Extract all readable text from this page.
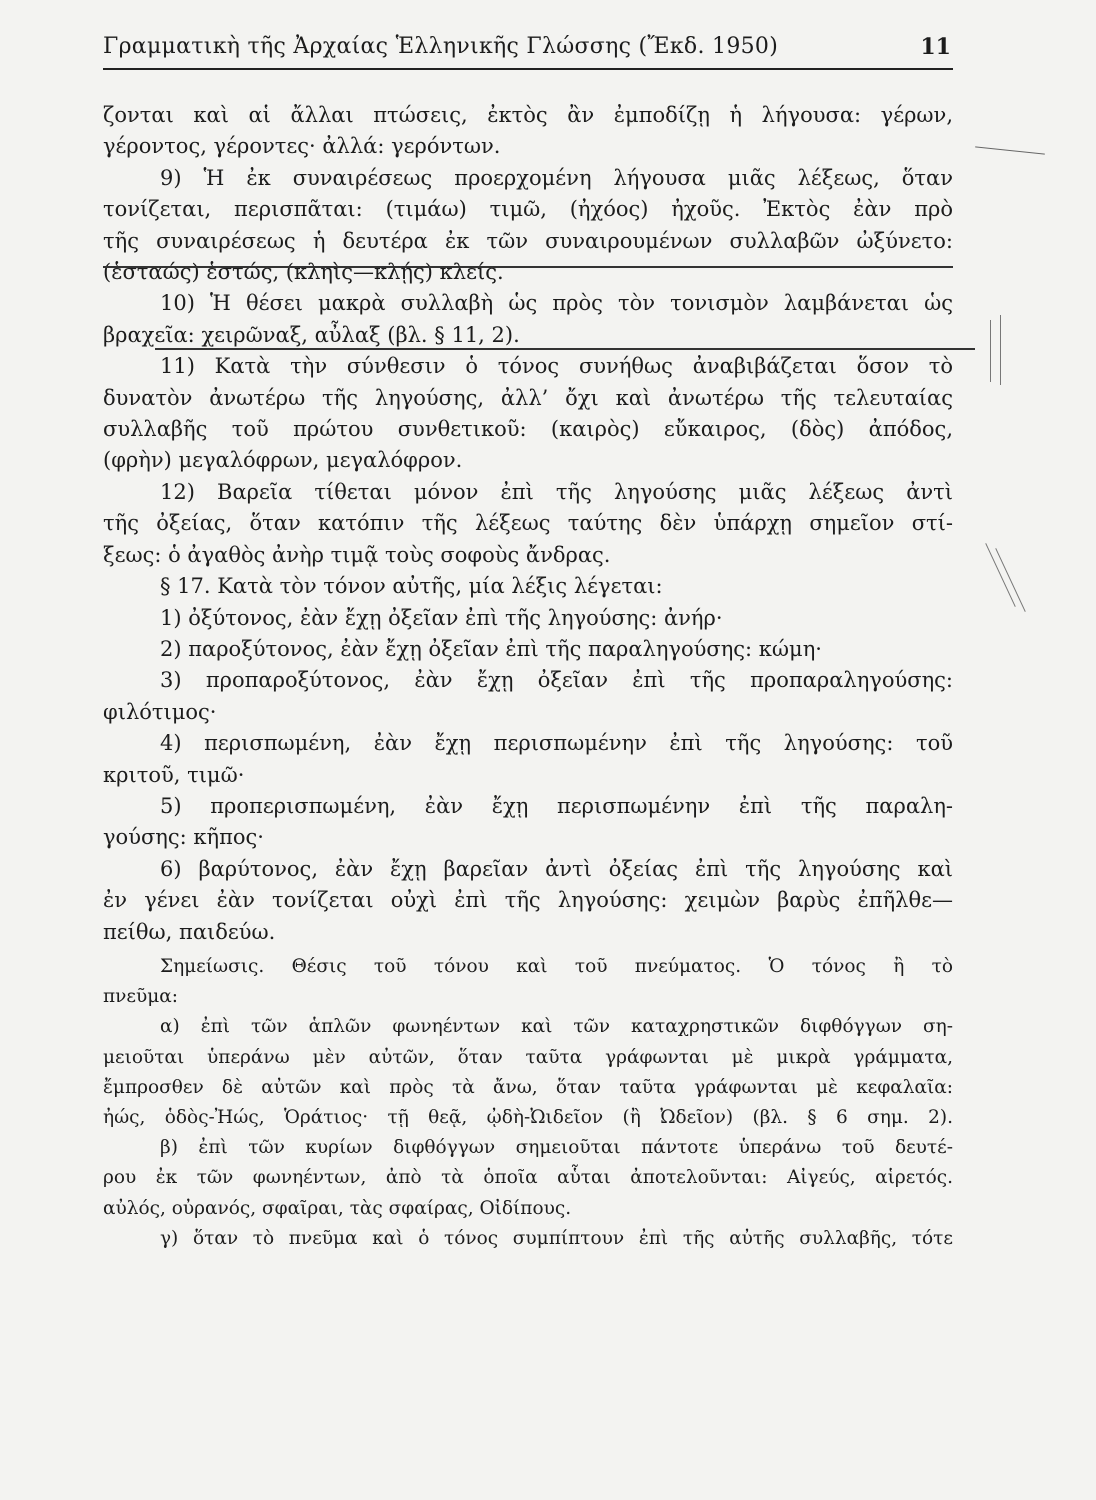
Γραμματικὴ τῆς Ἀρχαίας Ἑλληνικῆς Γλώσσης (Ἔκδ. 1950)	11
ζονται καὶ αἱ ἄλλαι πτώσεις, ἐκτὸς ἂν ἐμποδίζῃ ἡ λήγουσα: γέρων,
γέροντος, γέροντες· ἀλλά: γερόντων.
9) Ἡ ἐκ συναιρέσεως προερχομένη λήγουσα μιᾶς λέξεως, ὅταν
τονίζεται, περισπᾶται: (τιμάω) τιμῶ, (ἠχόος) ἠχοῦς. Ἐκτὸς ἐὰν πρὸ
τῆς συναιρέσεως ἡ δευτέρα ἐκ τῶν συναιρουμένων συλλαβῶν ὠξύνετο:
(ἑσταώς) ἑστώς, (κληὶς—κλῄς) κλείς.
10) Ἡ θέσει μακρὰ συλλαβὴ ὡς πρὸς τὸν τονισμὸν λαμβάνεται ὡς
βραχεῖα: χειρῶναξ, αὖλαξ (βλ. § 11, 2).
11) Κατὰ τὴν σύνθεσιν ὁ τόνος συνήθως ἀναβιβάζεται ὅσον τὸ
δυνατὸν ἀνωτέρω τῆς ληγούσης, ἀλλ’ ὄχι καὶ ἀνωτέρω τῆς τελευταίας
συλλαβῆς τοῦ πρώτου συνθετικοῦ: (καιρὸς) εὔκαιρος, (δὸς) ἀπόδος,
(φρὴν) μεγαλόφρων, μεγαλόφρον.
12) Βαρεῖα τίθεται μόνον ἐπὶ τῆς ληγούσης μιᾶς λέξεως ἀντὶ
τῆς ὀξείας, ὅταν κατόπιν τῆς λέξεως ταύτης δὲν ὑπάρχῃ σημεῖον στί-
ξεως: ὁ ἀγαθὸς ἀνὴρ τιμᾷ τοὺς σοφοὺς ἄνδρας.
§ 17. Κατὰ τὸν τόνον αὐτῆς, μία λέξις λέγεται:
1) ὀξύτονος, ἐὰν ἔχῃ ὀξεῖαν ἐπὶ τῆς ληγούσης: ἀνήρ·
2) παροξύτονος, ἐὰν ἔχῃ ὀξεῖαν ἐπὶ τῆς παραληγούσης: κώμη·
3) προπαροξύτονος, ἐὰν ἔχῃ ὀξεῖαν ἐπὶ τῆς προπαραληγούσης:
φιλότιμος·
4) περισπωμένη, ἐὰν ἔχῃ περισπωμένην ἐπὶ τῆς ληγούσης: τοῦ
κριτοῦ, τιμῶ·
5) προπερισπωμένη, ἐὰν ἔχῃ περισπωμένην ἐπὶ τῆς παραλη-
γούσης: κῆπος·
6) βαρύτονος, ἐὰν ἔχῃ βαρεῖαν ἀντὶ ὀξείας ἐπὶ τῆς ληγούσης καὶ
ἐν γένει ἐὰν τονίζεται οὐχὶ ἐπὶ τῆς ληγούσης: χειμὼν βαρὺς ἐπῆλθε—
πείθω, παιδεύω.
Σημείωσις. Θέσις τοῦ τόνου καὶ τοῦ πνεύματος. Ὁ τόνος ἢ τὸ
πνεῦμα:
α) ἐπὶ τῶν ἁπλῶν φωνηέντων καὶ τῶν καταχρηστικῶν διφθόγγων ση-
μειοῦται ὑπεράνω μὲν αὐτῶν, ὅταν ταῦτα γράφωνται μὲ μικρὰ γράμματα,
ἔμπροσθεν δὲ αὐτῶν καὶ πρὸς τὰ ἄνω, ὅταν ταῦτα γράφωνται μὲ κεφαλαῖα:
ἠώς, ὁδὸς-Ἠώς, Ὁράτιος· τῇ θεᾷ, ᾠδὴ-Ὠιδεῖον (ἢ Ὠδεῖον) (βλ. § 6 σημ. 2).
β) ἐπὶ τῶν κυρίων διφθόγγων σημειοῦται πάντοτε ὑπεράνω τοῦ δευτέ-
ρου ἐκ τῶν φωνηέντων, ἀπὸ τὰ ὁποῖα αὗται ἀποτελοῦνται: Αἰγεύς, αἱρετός.
αὐλός, οὐρανός, σφαῖραι, τὰς σφαίρας, Οἰδίπους.
γ) ὅταν τὸ πνεῦμα καὶ ὁ τόνος συμπίπτουν ἐπὶ τῆς αὐτῆς συλλαβῆς, τότε
